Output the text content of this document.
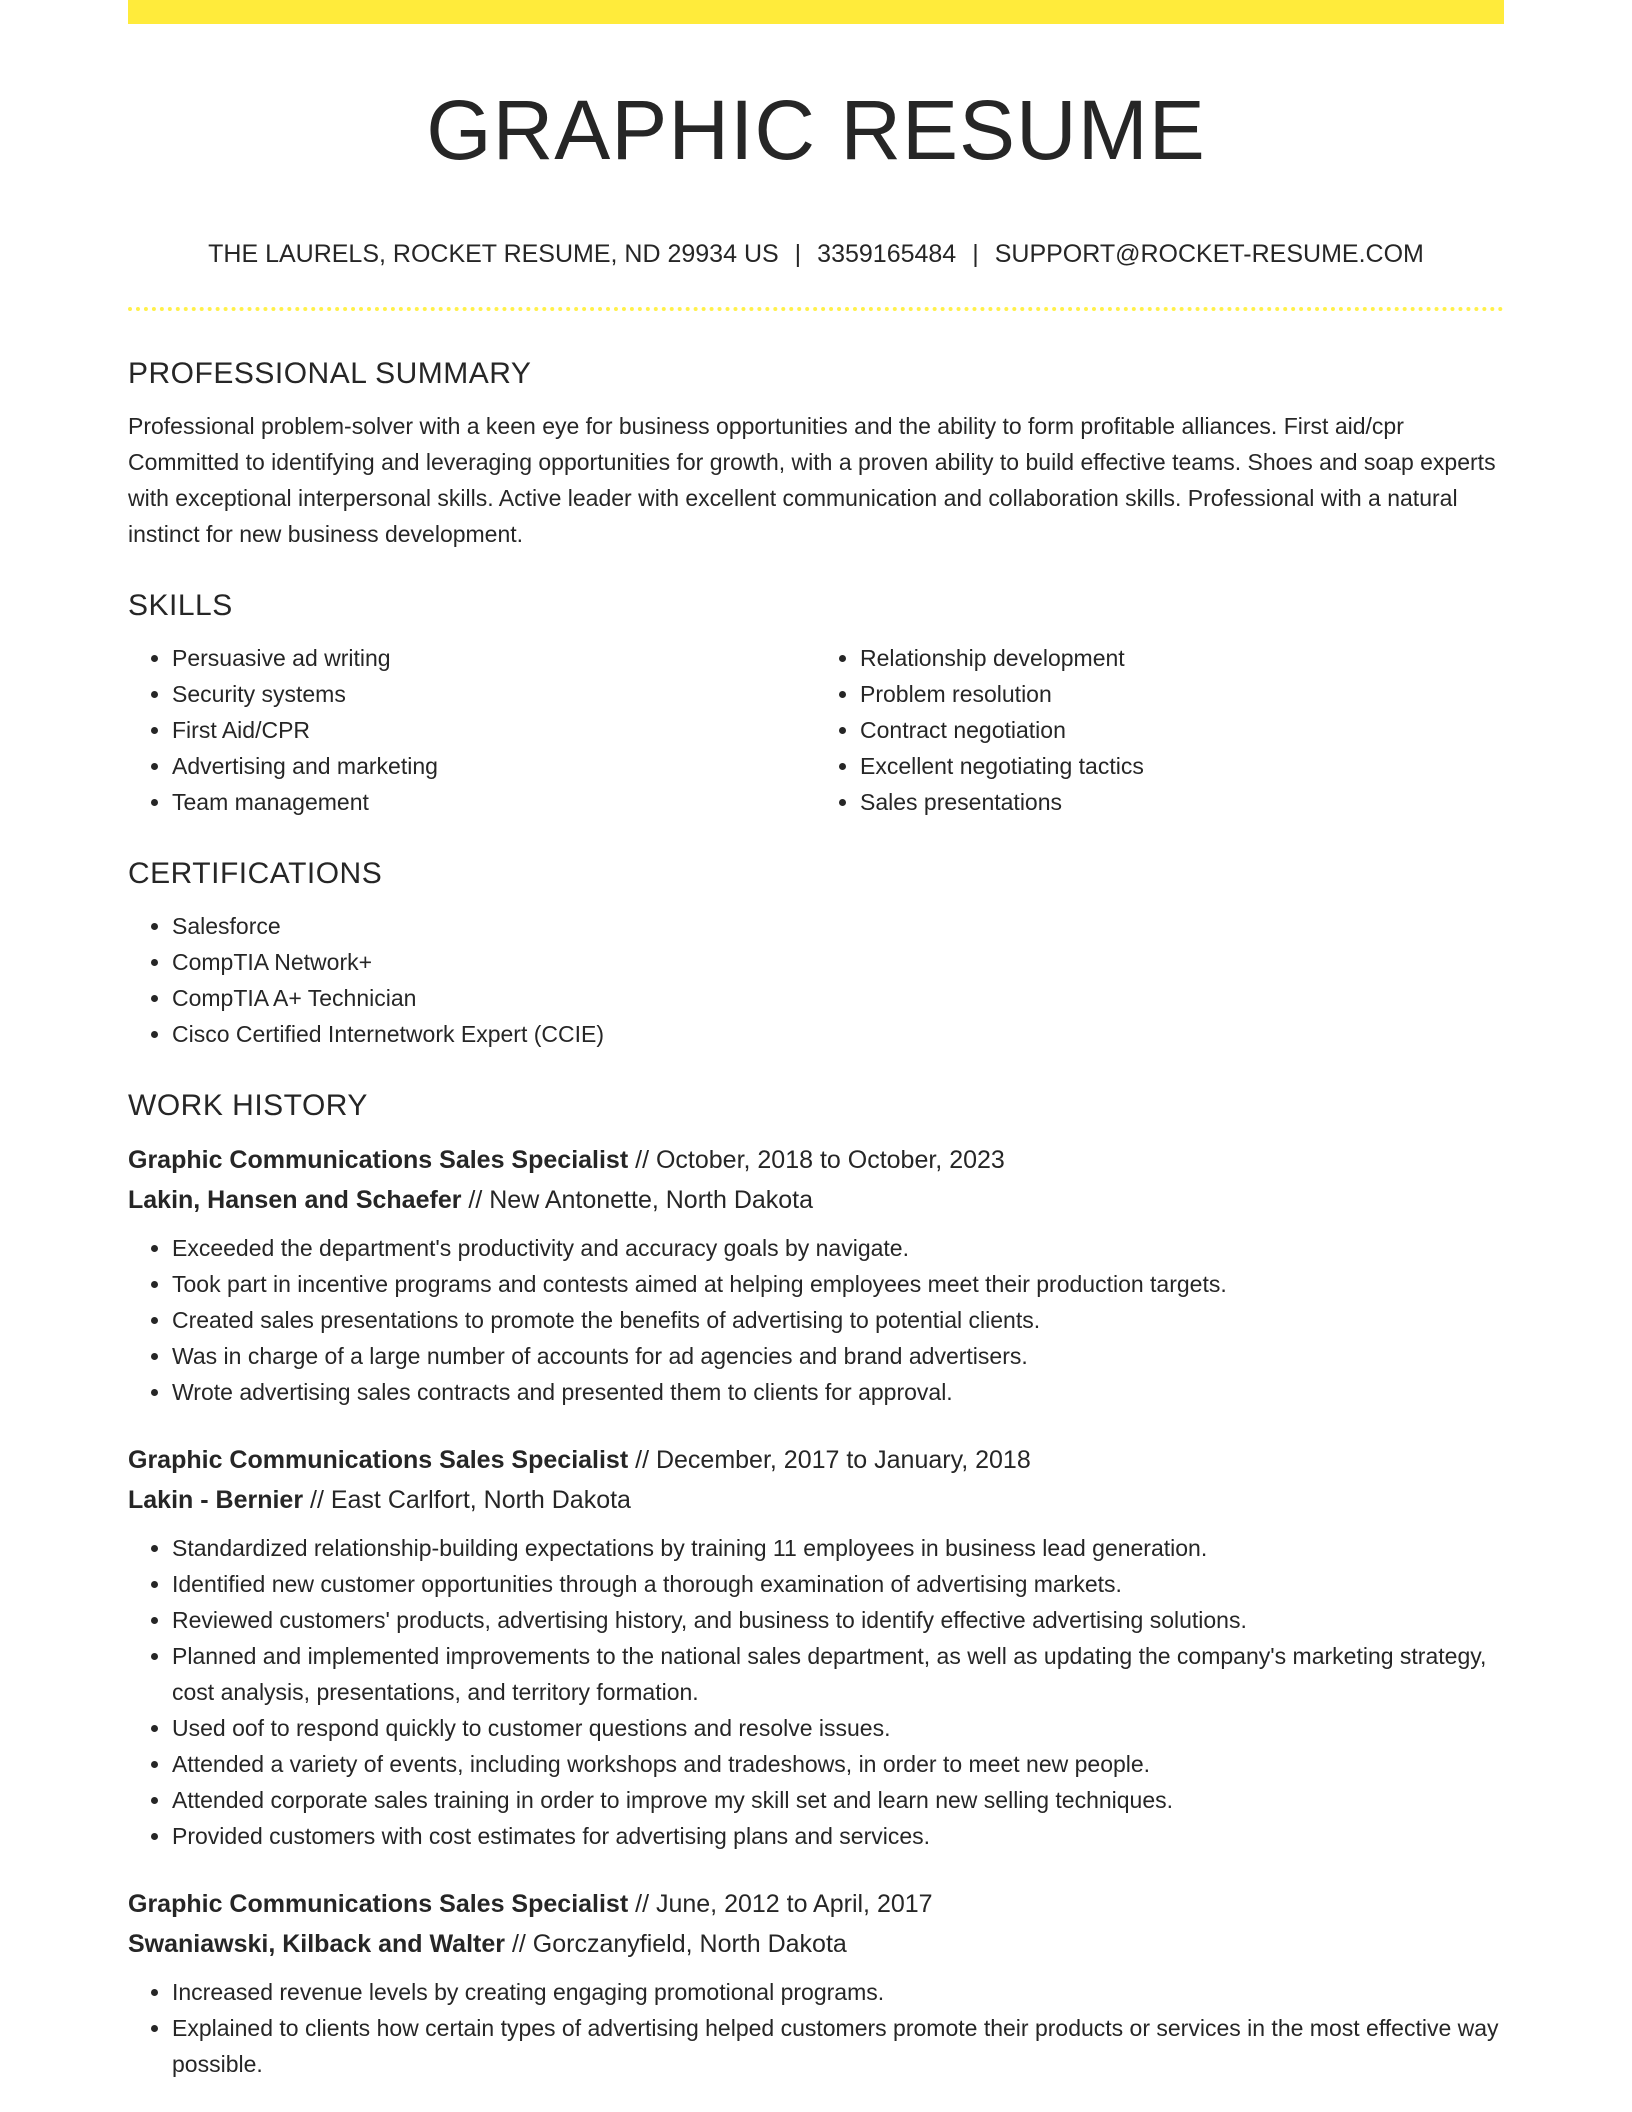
GRAPHIC RESUME
THE LAURELS, ROCKET RESUME, ND 29934 US | 3359165484 | SUPPORT@ROCKET-RESUME.COM
PROFESSIONAL SUMMARY

Professional problem-solver with a keen eye for business opportunities and the ability to form profitable alliances. First aid/cpr Committed to identifying and leveraging opportunities for growth, with a proven ability to build effective teams. Shoes and soap experts with exceptional interpersonal skills. Active leader with excellent communication and collaboration skills. Professional with a natural instinct for new business development.

SKILLS
• Persuasive ad writing
• Security systems
• First Aid/CPR
• Advertising and marketing
• Team management
• Relationship development
• Problem resolution
• Contract negotiation
• Excellent negotiating tactics
• Sales presentations
CERTIFICATIONS
• Salesforce
• CompTIA Network+
• CompTIA A+ Technician
• Cisco Certified Internetwork Expert (CCIE)
WORK HISTORY
Graphic Communications Sales Specialist // October, 2018 to October, 2023
Lakin, Hansen and Schaefer // New Antonette, North Dakota
• Exceeded the department's productivity and accuracy goals by navigate.
• Took part in incentive programs and contests aimed at helping employees meet their production targets.
• Created sales presentations to promote the benefits of advertising to potential clients.
• Was in charge of a large number of accounts for ad agencies and brand advertisers.
• Wrote advertising sales contracts and presented them to clients for approval.
Graphic Communications Sales Specialist // December, 2017 to January, 2018
Lakin - Bernier // East Carlfort, North Dakota
• Standardized relationship-building expectations by training 11 employees in business lead generation.
• Identified new customer opportunities through a thorough examination of advertising markets.
• Reviewed customers' products, advertising history, and business to identify effective advertising solutions.
• Planned and implemented improvements to the national sales department, as well as updating the company's marketing strategy, cost analysis, presentations, and territory formation.
• Used oof to respond quickly to customer questions and resolve issues.
• Attended a variety of events, including workshops and tradeshows, in order to meet new people.
• Attended corporate sales training in order to improve my skill set and learn new selling techniques.
• Provided customers with cost estimates for advertising plans and services.
Graphic Communications Sales Specialist // June, 2012 to April, 2017
Swaniawski, Kilback and Walter // Gorczanyfield, North Dakota
• Increased revenue levels by creating engaging promotional programs.
• Explained to clients how certain types of advertising helped customers promote their products or services in the most effective way possible.
